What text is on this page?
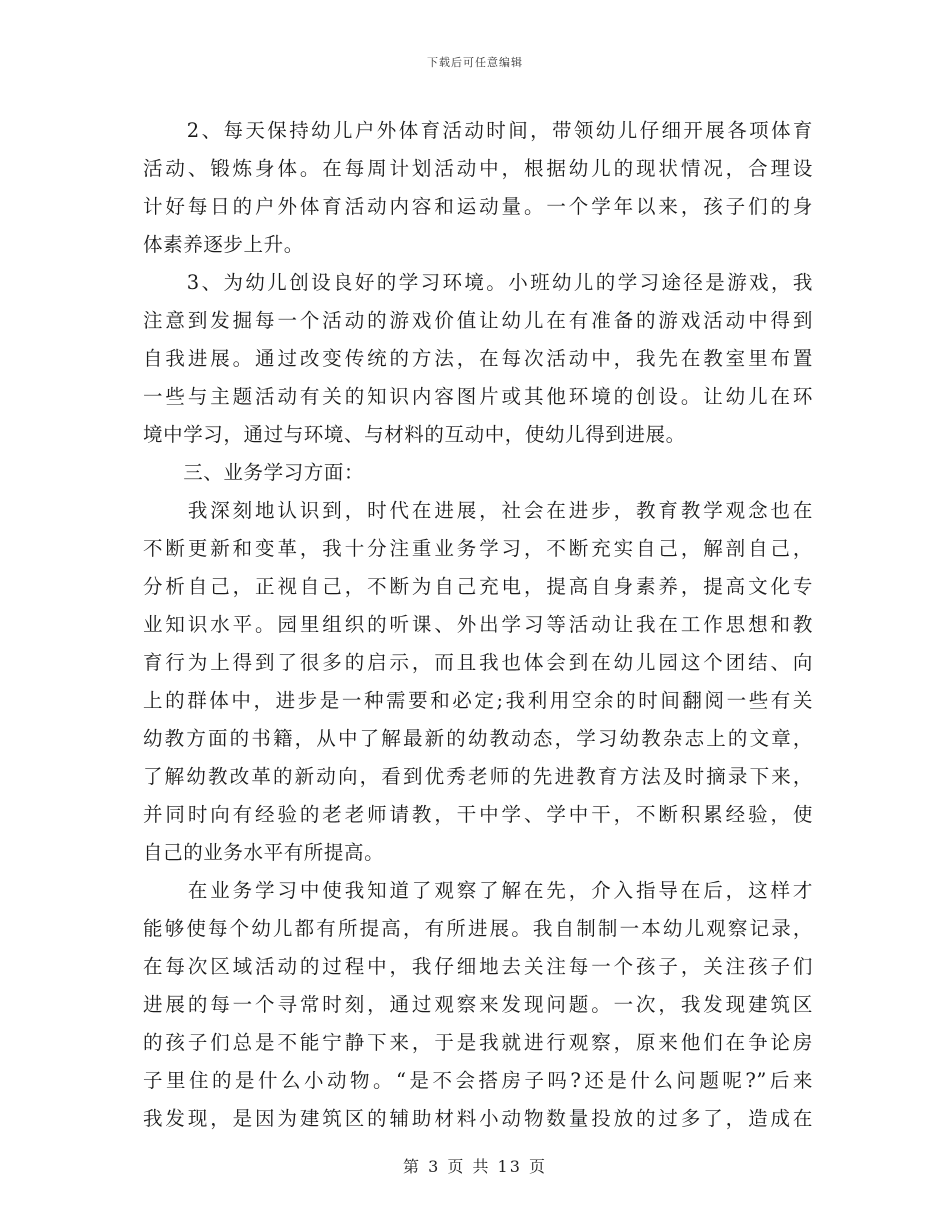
下载后可任意编辑
　　2、每天保持幼儿户外体育活动时间，带领幼儿仔细开展各项体育
活动、锻炼身体。在每周计划活动中，根据幼儿的现状情况，合理设
计好每日的户外体育活动内容和运动量。一个学年以来，孩子们的身
体素养逐步上升。
　　3、为幼儿创设良好的学习环境。小班幼儿的学习途径是游戏，我
注意到发掘每一个活动的游戏价值让幼儿在有准备的游戏活动中得到
自我进展。通过改变传统的方法，在每次活动中，我先在教室里布置
一些与主题活动有关的知识内容图片或其他环境的创设。让幼儿在环
境中学习，通过与环境、与材料的互动中，使幼儿得到进展。
　　三、业务学习方面：
　　我深刻地认识到，时代在进展，社会在进步，教育教学观念也在
不断更新和变革，我十分注重业务学习，不断充实自己，解剖自己，
分析自己，正视自己，不断为自己充电，提高自身素养，提高文化专
业知识水平。园里组织的听课、外出学习等活动让我在工作思想和教
育行为上得到了很多的启示，而且我也体会到在幼儿园这个团结、向
上的群体中，进步是一种需要和必定;我利用空余的时间翻阅一些有关
幼教方面的书籍，从中了解最新的幼教动态，学习幼教杂志上的文章，
了解幼教改革的新动向，看到优秀老师的先进教育方法及时摘录下来，
并同时向有经验的老老师请教，干中学、学中干，不断积累经验，使
自己的业务水平有所提高。
　　在业务学习中使我知道了观察了解在先，介入指导在后，这样才
能够使每个幼儿都有所提高，有所进展。我自制制一本幼儿观察记录，
在每次区域活动的过程中，我仔细地去关注每一个孩子，关注孩子们
进展的每一个寻常时刻，通过观察来发现问题。一次，我发现建筑区
的孩子们总是不能宁静下来，于是我就进行观察，原来他们在争论房
子里住的是什么小动物。“是不会搭房子吗?还是什么问题呢?”后来
我发现，是因为建筑区的辅助材料小动物数量投放的过多了，造成在
第 3 页 共 13 页
